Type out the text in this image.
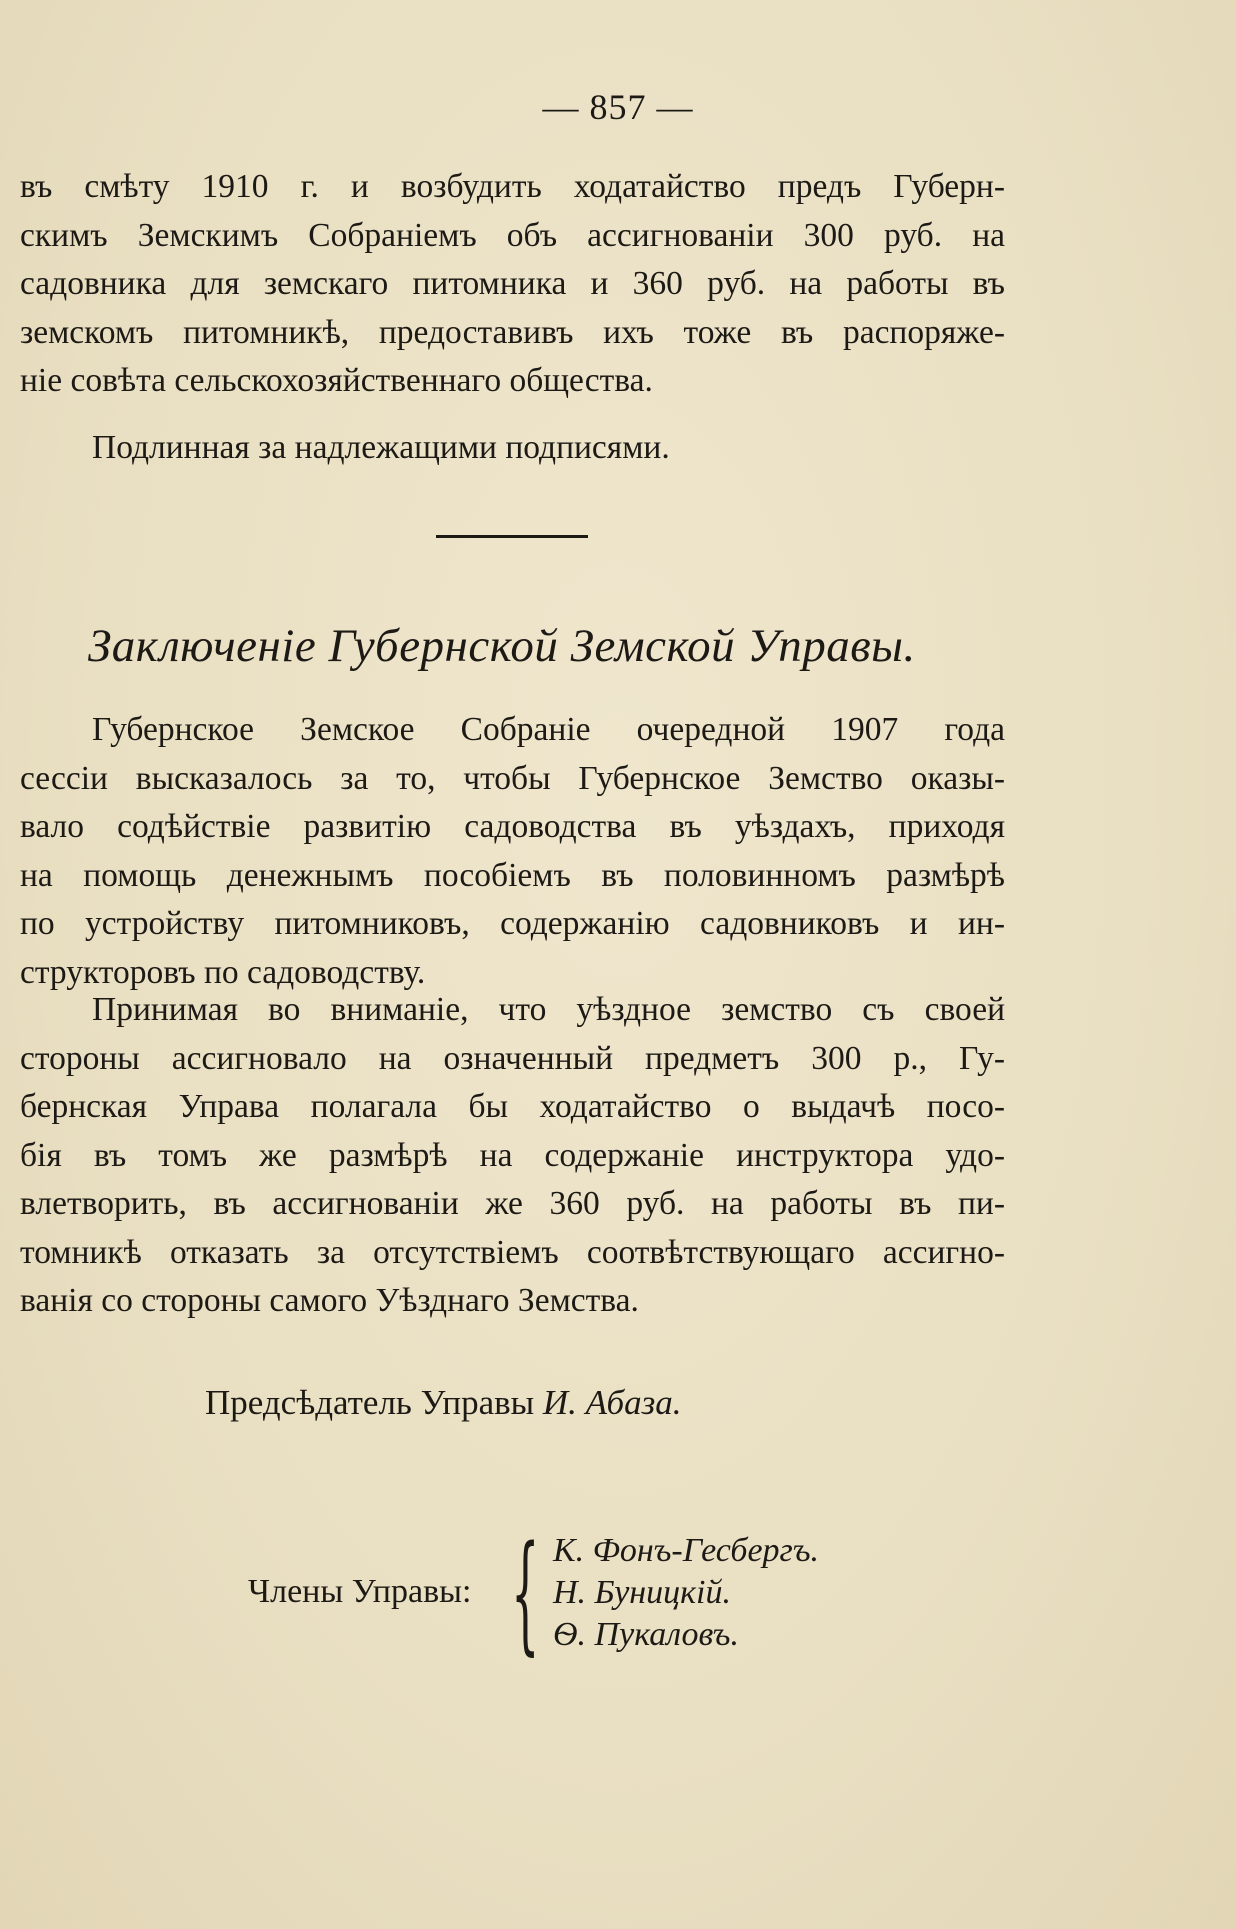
— 857 —
въ смѣту 1910 г. и возбудить ходатайство предъ Губерн-
скимъ Земскимъ Собраніемъ объ ассигнованіи 300 руб. на
садовника для земскаго питомника и 360 руб. на работы въ
земскомъ питомникѣ, предоставивъ ихъ тоже въ распоряже-
ніе совѣта сельскохозяйственнаго общества.
Подлинная за надлежащими подписями.
Заключеніе Губернской Земской Управы.
Губернское Земское Собраніе очередной 1907 года
сессіи высказалось за то, чтобы Губернское Земство оказы-
вало содѣйствіе развитію садоводства въ уѣздахъ, приходя
на помощь денежнымъ пособіемъ въ половинномъ размѣрѣ
по устройству питомниковъ, содержанію садовниковъ и ин-
структоровъ по садоводству.
Принимая во вниманіе, что уѣздное земство съ своей
стороны ассигновало на означенный предметъ 300 р., Гу-
бернская Управа полагала бы ходатайство о выдачѣ посо-
бія въ томъ же размѣрѣ на содержаніе инструктора удо-
влетворить, въ ассигнованіи же 360 руб. на работы въ пи-
томникѣ отказать за отсутствіемъ соотвѣтствующаго ассигно-
ванія со стороны самого Уѣзднаго Земства.
Предсѣдатель Управы И. Абаза.
Члены Управы: { К. Фонъ-Гесбергъ.
Н. Буницкій.
Ѳ. Пукаловъ.
